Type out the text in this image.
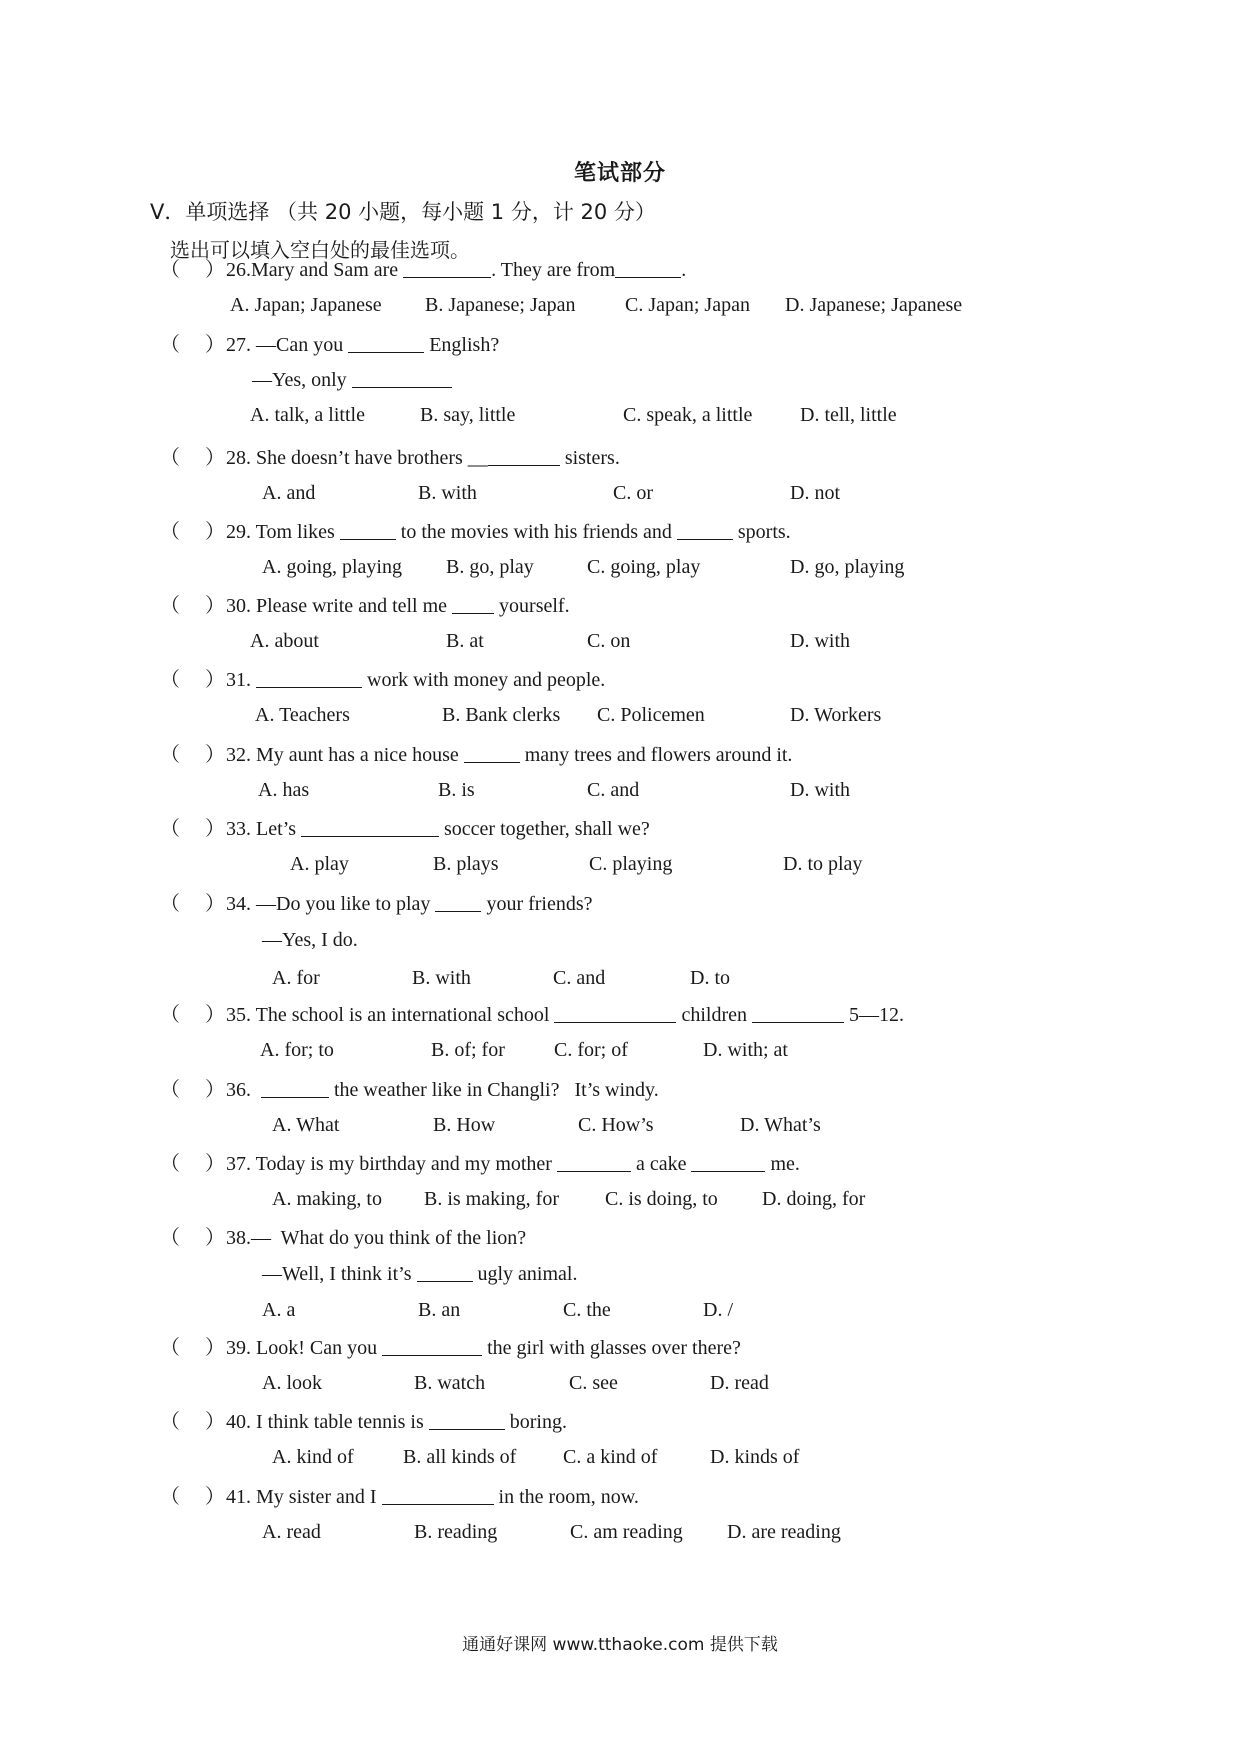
笔试部分
V．单项选择 （共 20 小题，每小题 1 分，计 20 分）
选出可以填入空白处的最佳选项。
（ ） 26.Mary and Sam are	. They are from	.
A. Japan; Japanese B. Japanese; Japan C. Japan; Japan D. Japanese; Japanese
（ ） 27. —Can you	English?
—Yes, only
A. talk, a little	B. say, little	C. speak, a little D. tell, little
（ ） 28. She doesn’t have brothers __	sisters.
A. and	B. with	C. or	D. not
（ ） 29. Tom likes	to the movies with his friends and	sports.
A. going, playing B. go, play	C. going, play	D. go, playing
（ ） 30. Please write and tell me  yourself.
A. about	B. at	C. on	D. with
（ ） 31.	work with money and people.
A. Teachers	B. Bank clerks C. Policemen	D. Workers
（ ） 32. My aunt has a nice house	many trees and flowers around it.
A. has	B. is	C. and	D. with
（ ） 33. Let’s	soccer together, shall we?
A. play	B. plays	C. playing	D. to play
（ ） 34. —Do you like to play  your friends?
—Yes, I do.
A. for	B. with	C. and	D. to
（ ） 35. The school is an international school	children	5—12.
A. for; to	B. of; for C. for; of	D. with; at
（ ） 36.	the weather like in Changli?   It’s windy.
A. What	B. How	C. How’s	D. What’s
（ ） 37. Today is my birthday and my mother	a cake	me.
A. making, to B. is making, for C. is doing, to D. doing, for
（ ） 38.—  What do you think of the lion?
—Well, I think it’s	ugly animal.
A. a	B. an	C. the	D. /
（ ） 39. Look! Can you	the girl with glasses over there?
A. look	B. watch	C. see	D. read
（ ） 40. I think table tennis is	boring.
A. kind of B. all kinds of C. a kind of	D. kinds of
（ ） 41. My sister and I	in the room, now.
A. read	B. reading	C. am reading D. are reading
通通好课网 www.tthaoke.com 提供下载
